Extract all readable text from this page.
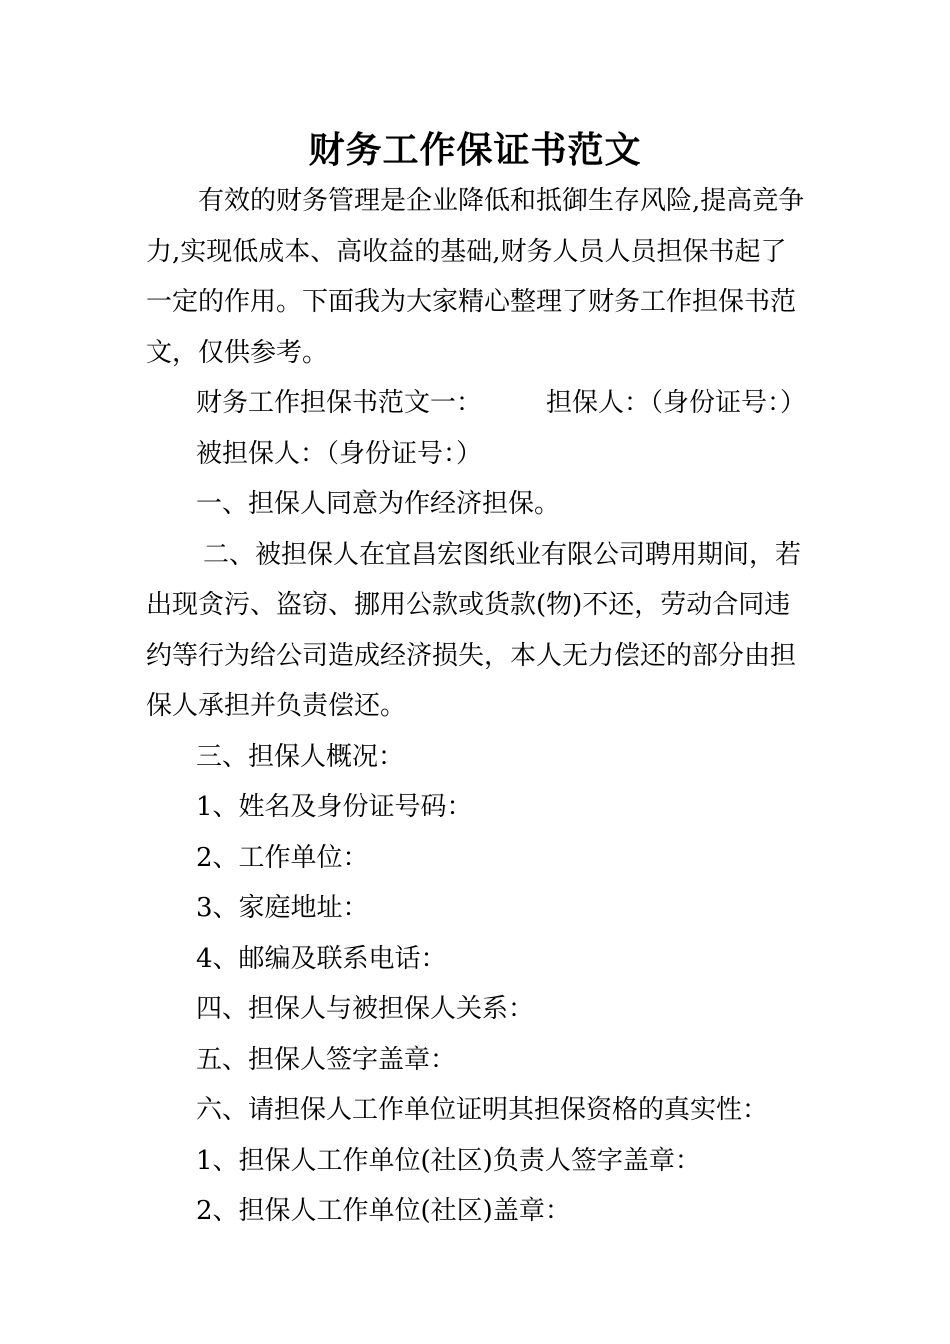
财务工作保证书范文
有效的财务管理是企业降低和抵御生存风险,提高竞争
力,实现低成本、高收益的基础,财务人员人员担保书起了
一定的作用。下面我为大家精心整理了财务工作担保书范
文，仅供参考。
财务工作担保书范文一： 担保人：（身份证号：）
被担保人：（身份证号：）
一、担保人同意为作经济担保。
二、被担保人在宜昌宏图纸业有限公司聘用期间，若
出现贪污、盗窃、挪用公款或货款(物)不还，劳动合同违
约等行为给公司造成经济损失，本人无力偿还的部分由担
保人承担并负责偿还。
三、担保人概况：
1、姓名及身份证号码：
2、工作单位：
3、家庭地址：
4、邮编及联系电话：
四、担保人与被担保人关系：
五、担保人签字盖章：
六、请担保人工作单位证明其担保资格的真实性：
1、担保人工作单位(社区)负责人签字盖章：
2、担保人工作单位(社区)盖章：
